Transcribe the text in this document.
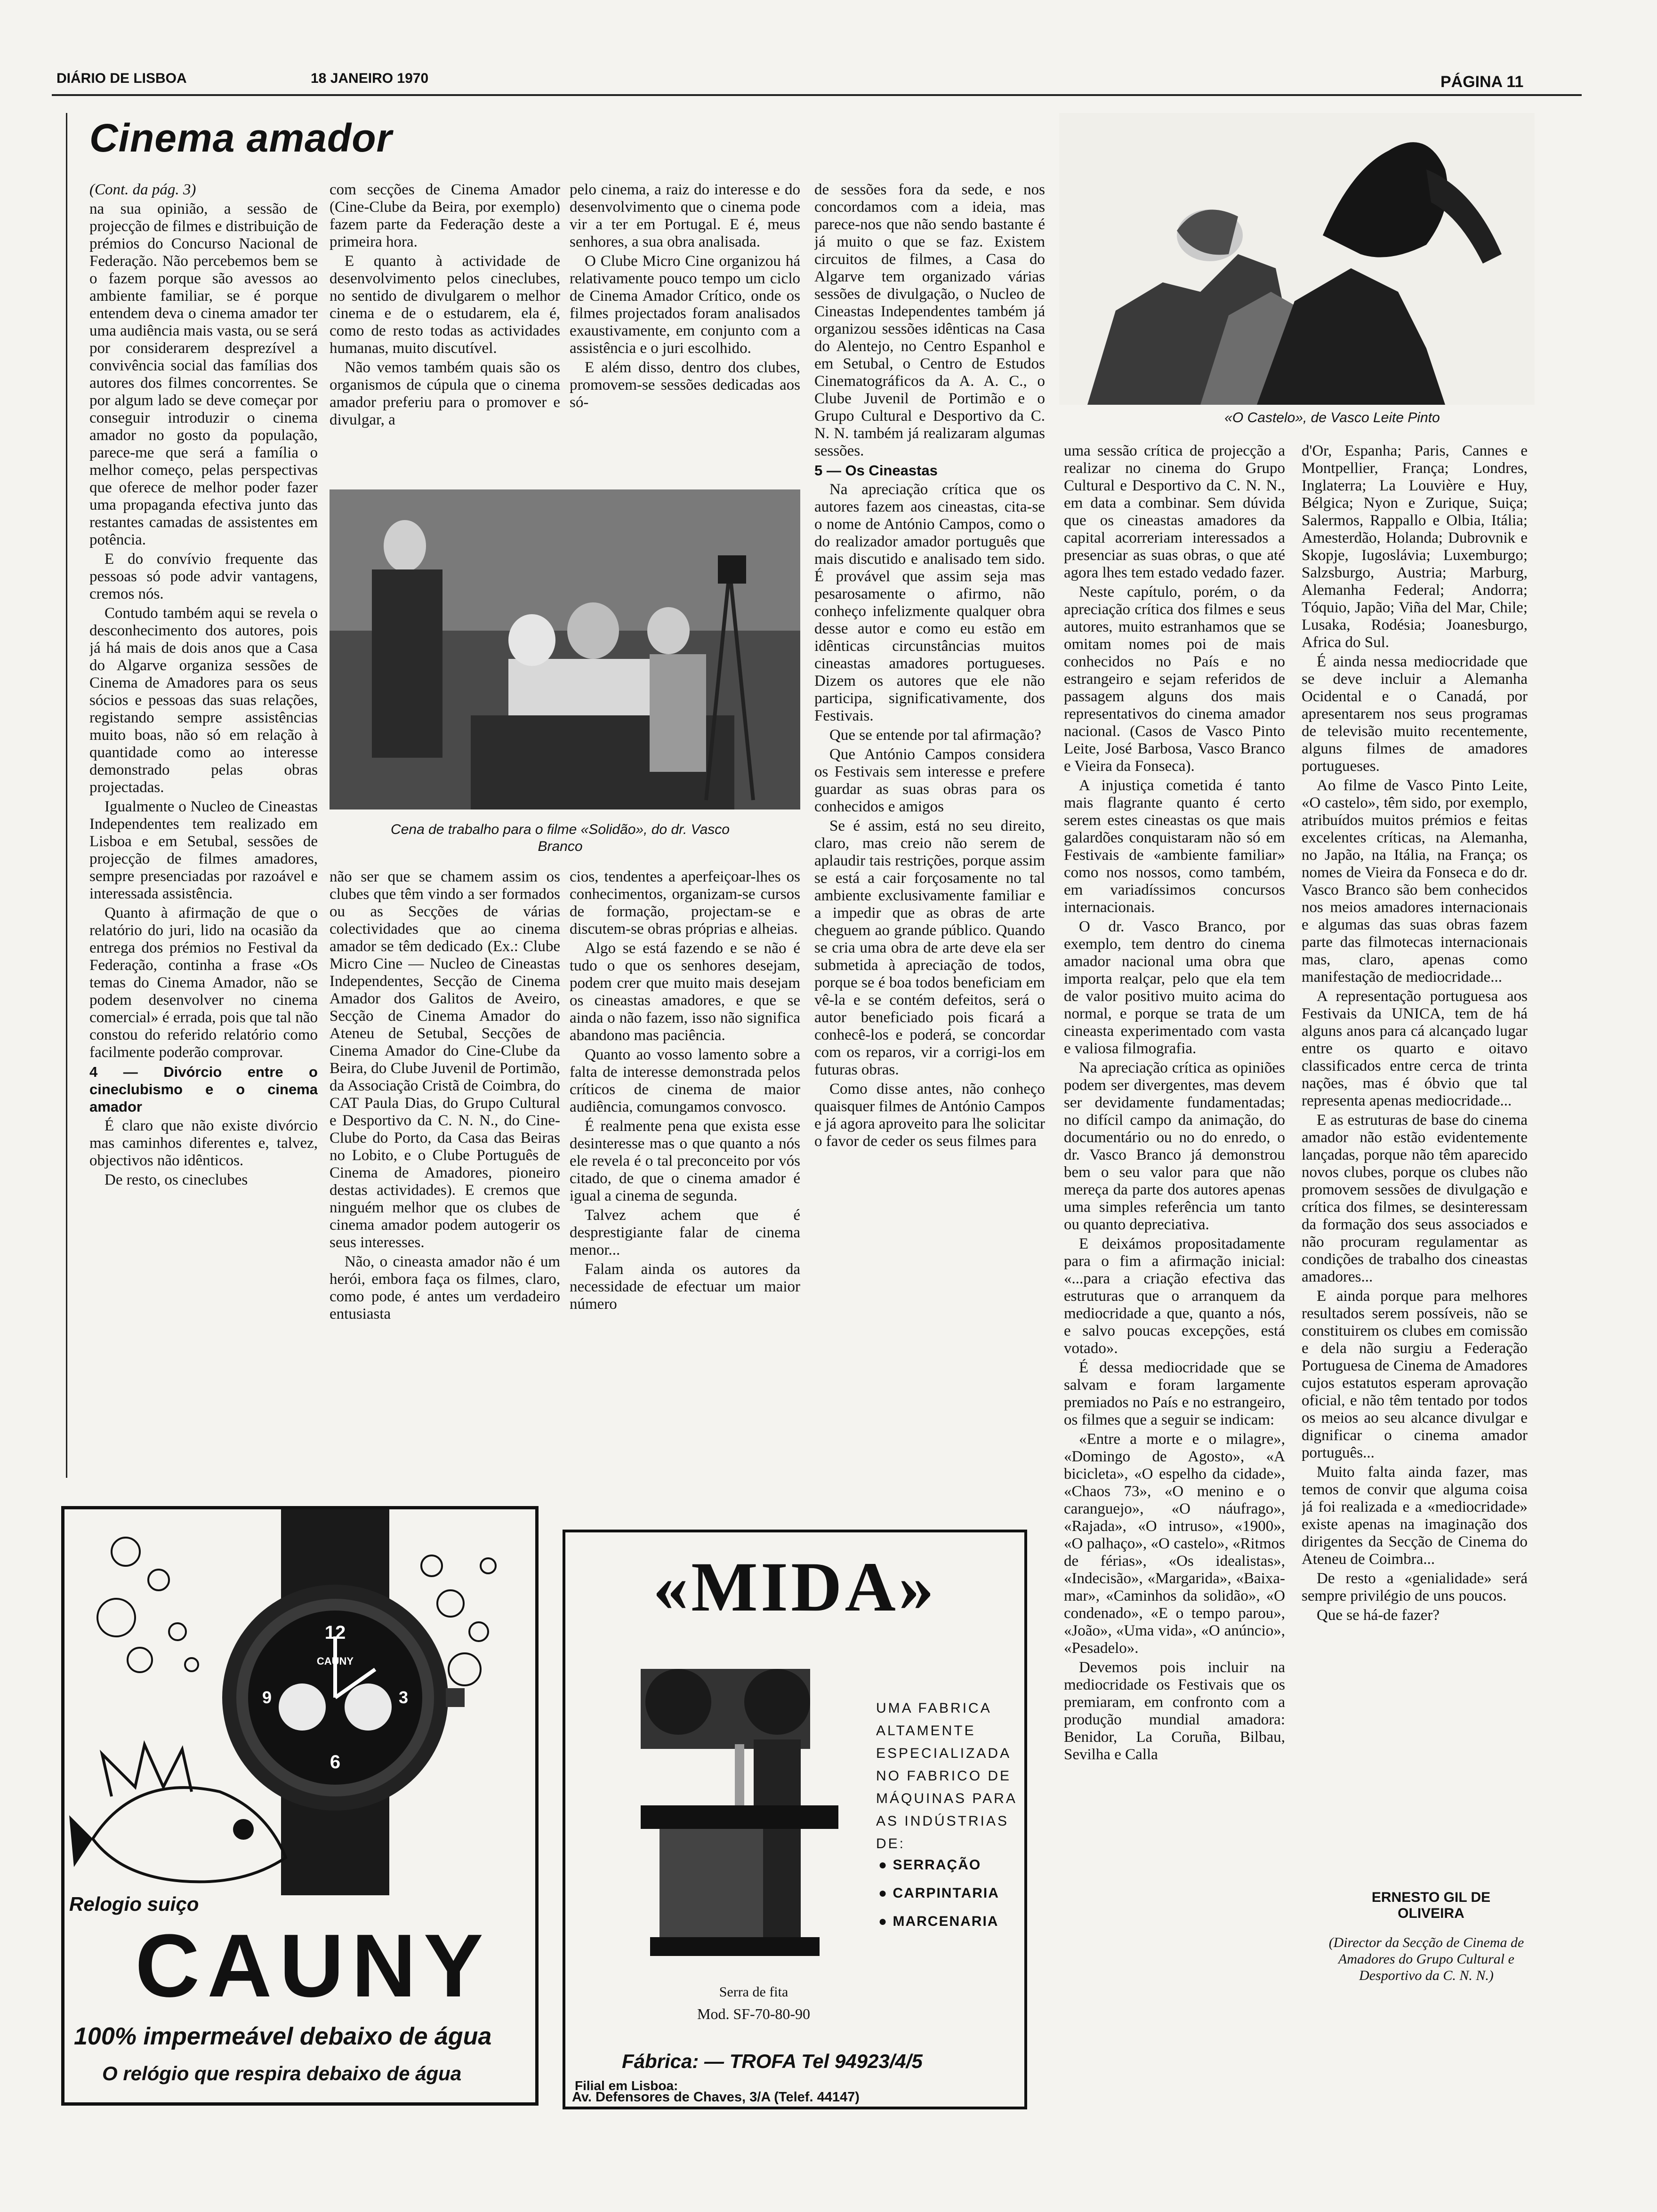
DIÁRIO DE LISBOA	18 JANEIRO 1970	PÁGINA 11
Cinema amador

(Cont. da pág. 3)

na sua opinião, a sessão de projecção de filmes e distribuição de prémios do Concurso Nacional de Federação. Não percebemos bem se o fazem porque são avessos ao ambiente familiar, se é porque entendem deva o cinema amador ter uma audiência mais vasta, ou se será por considerarem desprezível a convivência social das famílias dos autores dos filmes concorrentes. Se por algum lado se deve começar por conseguir introduzir o cinema amador no gosto da população, parece-me que será a família o melhor começo, pelas perspectivas que oferece de melhor poder fazer uma propaganda efectiva junto das restantes camadas de assistentes em potência.

E do convívio frequente das pessoas só pode advir vantagens, cremos nós.

Contudo também aqui se revela o desconhecimento dos autores, pois já há mais de dois anos que a Casa do Algarve organiza sessões de Cinema de Amadores para os seus sócios e pessoas das suas relações, registando sempre assistências muito boas, não só em relação à quantidade como ao interesse demonstrado pelas obras projectadas.

Igualmente o Nucleo de Cineastas Independentes tem realizado em Lisboa e em Setubal, sessões de projecção de filmes amadores, sempre presenciadas por razoável e interessada assistência.

Quanto à afirmação de que o relatório do juri, lido na ocasião da entrega dos prémios no Festival da Federação, continha a frase «Os temas do Cinema Amador, não se podem desenvolver no cinema comercial» é errada, pois que tal não constou do referido relatório como facilmente poderão comprovar.

4 — Divórcio entre o cineclubismo e o cinema amador

É claro que não existe divórcio mas caminhos diferentes e, talvez, objectivos não idênticos.

De resto, os cineclubes

com secções de Cinema Amador (Cine-Clube da Beira, por exemplo) fazem parte da Federação deste a primeira hora.

E quanto à actividade de desenvolvimento pelos cineclubes, no sentido de divulgarem o melhor cinema e de o estudarem, ela é, como de resto todas as actividades humanas, muito discutível.

Não vemos também quais são os organismos de cúpula que o cinema amador preferiu para o promover e divulgar, a

pelo cinema, a raiz do interesse e do desenvolvimento que o cinema pode vir a ter em Portugal. E é, meus senhores, a sua obra analisada.

O Clube Micro Cine organizou há relativamente pouco tempo um ciclo de Cinema Amador Crítico, onde os filmes projectados foram analisados exaustivamente, em conjunto com a assistência e o juri escolhido.

E além disso, dentro dos clubes, promovem-se sessões dedicadas aos só-

Cena de trabalho para o filme «Solidão», do dr. Vasco Branco

não ser que se chamem assim os clubes que têm vindo a ser formados ou as Secções de várias colectividades que ao cinema amador se têm dedicado (Ex.: Clube Micro Cine — Nucleo de Cineastas Independentes, Secção de Cinema Amador dos Galitos de Aveiro, Secção de Cinema Amador do Ateneu de Setubal, Secções de Cinema Amador do Cine-Clube da Beira, do Clube Juvenil de Portimão, da Associação Cristã de Coimbra, do CAT Paula Dias, do Grupo Cultural e Desportivo da C. N. N., do Cine-Clube do Porto, da Casa das Beiras no Lobito, e o Clube Português de Cinema de Amadores, pioneiro destas actividades). E cremos que ninguém melhor que os clubes de cinema amador podem autogerir os seus interesses.

Não, o cineasta amador não é um herói, embora faça os filmes, claro, como pode, é antes um verdadeiro entusiasta

cios, tendentes a aperfeiçoar-lhes os conhecimentos, organizam-se cursos de formação, projectam-se e discutem-se obras próprias e alheias.

Algo se está fazendo e se não é tudo o que os senhores desejam, podem crer que muito mais desejam os cineastas amadores, e que se ainda o não fazem, isso não significa abandono mas paciência.

Quanto ao vosso lamento sobre a falta de interesse demonstrada pelos críticos de cinema de maior audiência, comungamos convosco.

É realmente pena que exista esse desinteresse mas o que quanto a nós ele revela é o tal preconceito por vós citado, de que o cinema amador é igual a cinema de segunda.

Talvez achem que é desprestigiante falar de cinema menor...

Falam ainda os autores da necessidade de efectuar um maior número

de sessões fora da sede, e nos concordamos com a ideia, mas parece-nos que não sendo bastante é já muito o que se faz. Existem circuitos de filmes, a Casa do Algarve tem organizado várias sessões de divulgação, o Nucleo de Cineastas Independentes também já organizou sessões idênticas na Casa do Alentejo, no Centro Espanhol e em Setubal, o Centro de Estudos Cinematográficos da A. A. C., o Clube Juvenil de Portimão e o Grupo Cultural e Desportivo da C. N. N. também já realizaram algumas sessões.

5 — Os Cineastas

Na apreciação crítica que os autores fazem aos cineastas, cita-se o nome de António Campos, como o do realizador amador português que mais discutido e analisado tem sido. É provável que assim seja mas pesarosamente o afirmo, não conheço infelizmente qualquer obra desse autor e como eu estão em idênticas circunstâncias muitos cineastas amadores portugueses. Dizem os autores que ele não participa, significativamente, dos Festivais.

Que se entende por tal afirmação?

Que António Campos considera os Festivais sem interesse e prefere guardar as suas obras para os conhecidos e amigos

Se é assim, está no seu direito, claro, mas creio não serem de aplaudir tais restrições, porque assim se está a cair forçosamente no tal ambiente exclusivamente familiar e a impedir que as obras de arte cheguem ao grande público. Quando se cria uma obra de arte deve ela ser submetida à apreciação de todos, porque se é boa todos beneficiam em vê-la e se contém defeitos, será o autor beneficiado pois ficará a conhecê-los e poderá, se concordar com os reparos, vir a corrigi-los em futuras obras.

Como disse antes, não conheço quaisquer filmes de António Campos e já agora aproveito para lhe solicitar o favor de ceder os seus filmes para

«O Castelo», de Vasco Leite Pinto

uma sessão crítica de projecção a realizar no cinema do Grupo Cultural e Desportivo da C. N. N., em data a combinar. Sem dúvida que os cineastas amadores da capital acorreriam interessados a presenciar as suas obras, o que até agora lhes tem estado vedado fazer.

Neste capítulo, porém, o da apreciação crítica dos filmes e seus autores, muito estranhamos que se omitam nomes poi de mais conhecidos no País e no estrangeiro e sejam referidos de passagem alguns dos mais representativos do cinema amador nacional. (Casos de Vasco Pinto Leite, José Barbosa, Vasco Branco e Vieira da Fonseca).

A injustiça cometida é tanto mais flagrante quanto é certo serem estes cineastas os que mais galardões conquistaram não só em Festivais de «ambiente familiar» como nos nossos, como também, em variadíssimos concursos internacionais.

O dr. Vasco Branco, por exemplo, tem dentro do cinema amador nacional uma obra que importa realçar, pelo que ela tem de valor positivo muito acima do normal, e porque se trata de um cineasta experimentado com vasta e valiosa filmografia.

Na apreciação crítica as opiniões podem ser divergentes, mas devem ser devidamente fundamentadas; no difícil campo da animação, do documentário ou no do enredo, o dr. Vasco Branco já demonstrou bem o seu valor para que não mereça da parte dos autores apenas uma simples referência um tanto ou quanto depreciativa.

E deixámos propositadamente para o fim a afirmação inicial: «...para a criação efectiva das estruturas que o arranquem da mediocridade a que, quanto a nós, e salvo poucas excepções, está votado».

É dessa mediocridade que se salvam e foram largamente premiados no País e no estrangeiro, os filmes que a seguir se indicam:

«Entre a morte e o milagre», «Domingo de Agosto», «A bicicleta», «O espelho da cidade», «Chaos 73», «O menino e o caranguejo», «O náufrago», «Rajada», «O intruso», «1900», «O palhaço», «O castelo», «Ritmos de férias», «Os idealistas», «Indecisão», «Margarida», «Baixa-mar», «Caminhos da solidão», «O condenado», «E o tempo parou», «João», «Uma vida», «O anúncio», «Pesadelo».

Devemos pois incluir na mediocridade os Festivais que os premiaram, em confronto com a produção mundial amadora: Benidor, La Coruña, Bilbau, Sevilha e Calla

d'Or, Espanha; Paris, Cannes e Montpellier, França; Londres, Inglaterra; La Louvière e Huy, Bélgica; Nyon e Zurique, Suiça; Salermos, Rappallo e Olbia, Itália; Amesterdão, Holanda; Dubrovnik e Skopje, Iugoslávia; Luxemburgo; Salzsburgo, Austria; Marburg, Alemanha Federal; Andorra; Tóquio, Japão; Viña del Mar, Chile; Lusaka, Rodésia; Joanesburgo, Africa do Sul.

É ainda nessa mediocridade que se deve incluir a Alemanha Ocidental e o Canadá, por apresentarem nos seus programas de televisão muito recentemente, alguns filmes de amadores portugueses.

Ao filme de Vasco Pinto Leite, «O castelo», têm sido, por exemplo, atribuídos muitos prémios e feitas excelentes críticas, na Alemanha, no Japão, na Itália, na França; os nomes de Vieira da Fonseca e do dr. Vasco Branco são bem conhecidos nos meios amadores internacionais e algumas das suas obras fazem parte das filmotecas internacionais mas, claro, apenas como manifestação de mediocridade...

A representação portuguesa aos Festivais da UNICA, tem de há alguns anos para cá alcançado lugar entre os quarto e oitavo classificados entre cerca de trinta nações, mas é óbvio que tal representa apenas mediocridade...

E as estruturas de base do cinema amador não estão evidentemente lançadas, porque não têm aparecido novos clubes, porque os clubes não promovem sessões de divulgação e crítica dos filmes, se desinteressam da formação dos seus associados e não procuram regulamentar as condições de trabalho dos cineastas amadores...

E ainda porque para melhores resultados serem possíveis, não se constituirem os clubes em comissão e dela não surgiu a Federação Portuguesa de Cinema de Amadores cujos estatutos esperam aprovação oficial, e não têm tentado por todos os meios ao seu alcance divulgar e dignificar o cinema amador português...

Muito falta ainda fazer, mas temos de convir que alguma coisa já foi realizada e a «mediocridade» existe apenas na imaginação dos dirigentes da Secção de Cinema do Ateneu de Coimbra...

De resto a «genialidade» será sempre privilégio de uns poucos.

Que se há-de fazer?

ERNESTO GIL DE OLIVEIRA
(Director da Secção de Cinema de Amadores do Grupo Cultural e Desportivo da C. N. N.)
12
6
9	3
CAUNY
Relogio suiço
CAUNY
100% impermeável debaixo de água
O relógio que respira debaixo de água
«MIDA»
UMA FABRICA ALTAMENTE ESPECIALIZADA NO FABRICO DE MÁQUINAS PARA AS INDÚSTRIAS DE:
● SERRAÇÃO
● CARPINTARIA
● MARCENARIA
Serra de fita
Mod. SF-70-80-90
Fábrica: — TROFA Tel 94923/4/5
Filial em Lisboa:
Av. Defensores de Chaves, 3/A (Telef. 44147)
